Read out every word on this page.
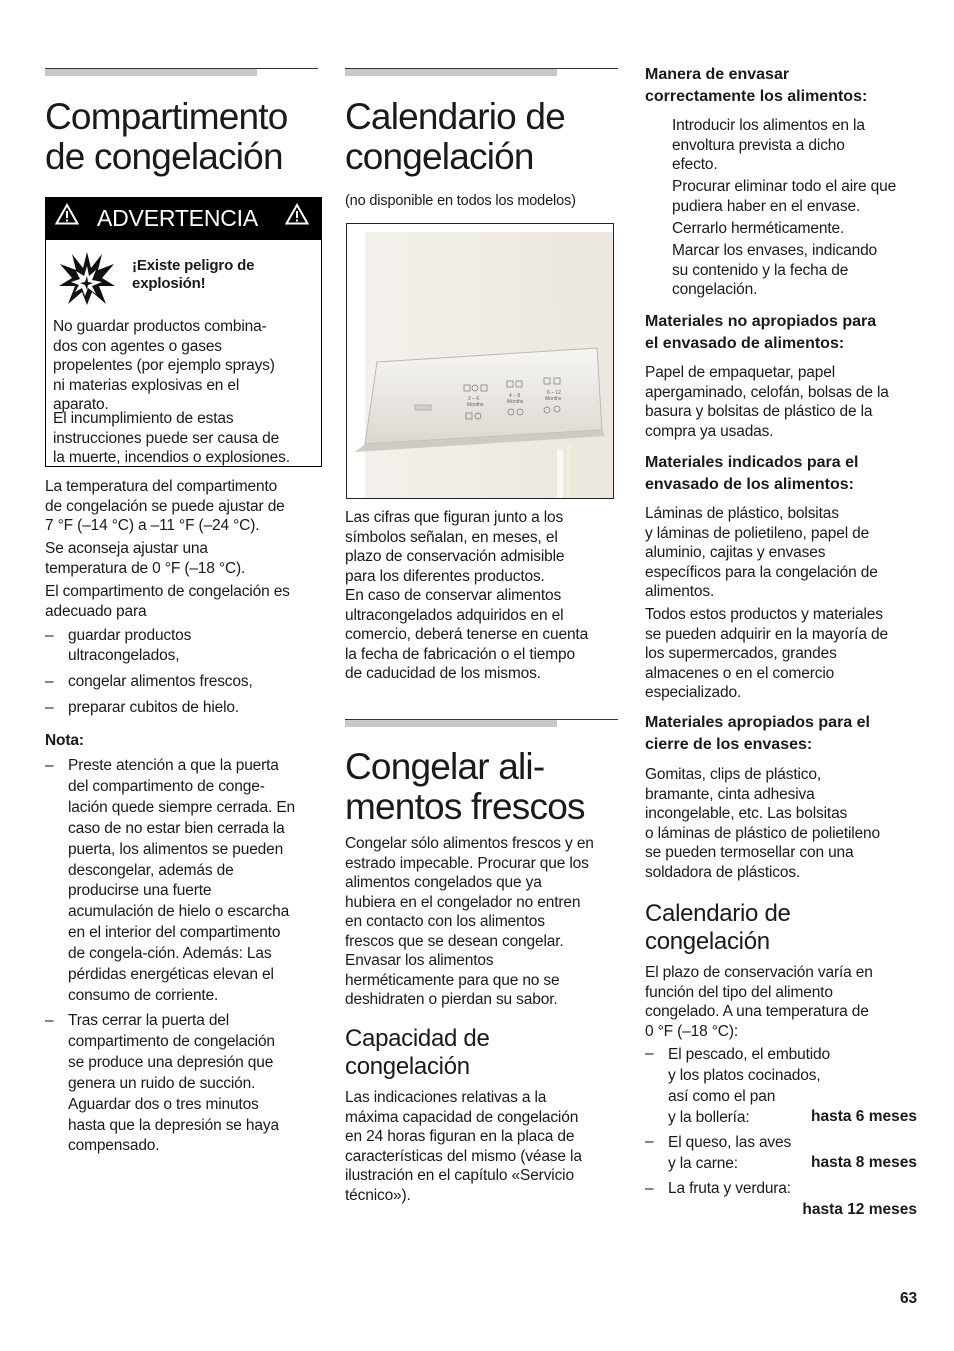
Compartimento
de congelación
ADVERTENCIA
¡Existe peligro de
explosión!
No guardar productos combina-
dos con agentes o gases
propelentes (por ejemplo sprays)
ni materias explosivas en el
aparato.
El incumplimiento de estas
instrucciones puede ser causa de
la muerte, incendios o explosiones.
La temperatura del compartimento
de congelación se puede ajustar de
7 °F (–14 °C) a –11 °F (–24 °C).
Se aconseja ajustar una
temperatura de 0 °F (–18 °C).
El compartimento de congelación es
adecuado para
– guardar productos
ultracongelados,
– congelar alimentos frescos,
– preparar cubitos de hielo.
Nota:
– Preste atención a que la puerta
del compartimento de conge-
lación quede siempre cerrada. En
caso de no estar bien cerrada la
puerta, los alimentos se pueden
descongelar, además de
producirse una fuerte
acumulación de hielo o escarcha
en el interior del compartimento
de congela-ción. Además: Las
pérdidas energéticas elevan el
consumo de corriente.
– Tras cerrar la puerta del
compartimento de congelación
se produce una depresión que
genera un ruido de succión.
Aguardar dos o tres minutos
hasta que la depresión se haya
compensado.
Calendario de
congelación
(no disponible en todos los modelos)
2 – 6
Months
4 – 8
Months
6 – 12
Months
Las cifras que figuran junto a los
símbolos señalan, en meses, el
plazo de conservación admisible
para los diferentes productos.
En caso de conservar alimentos
ultracongelados adquiridos en el
comercio, deberá tenerse en cuenta
la fecha de fabricación o el tiempo
de caducidad de los mismos.
Congelar ali-
mentos frescos
Congelar sólo alimentos frescos y en
estrado impecable. Procurar que los
alimentos congelados que ya
hubiera en el congelador no entren
en contacto con los alimentos
frescos que se desean congelar.
Envasar los alimentos
herméticamente para que no se
deshidraten o pierdan su sabor.
Capacidad de
congelación
Las indicaciones relativas a la
máxima capacidad de congelación
en 24 horas figuran en la placa de
características del mismo (véase la
ilustración en el capítulo «Servicio
técnico»).
Manera de envasar
correctamente los alimentos:
Introducir los alimentos en la
envoltura prevista a dicho
efecto.
Procurar eliminar todo el aire que
pudiera haber en el envase.
Cerrarlo herméticamente.
Marcar los envases, indicando
su contenido y la fecha de
congelación.
Materiales no apropiados para
el envasado de alimentos:
Papel de empaquetar, papel
apergaminado, celofán, bolsas de la
basura y bolsitas de plástico de la
compra ya usadas.
Materiales indicados para el
envasado de los alimentos:
Láminas de plástico, bolsitas
y láminas de polietileno, papel de
aluminio, cajitas y envases
específicos para la congelación de
alimentos.
Todos estos productos y materiales
se pueden adquirir en la mayoría de
los supermercados, grandes
almacenes o en el comercio
especializado.
Materiales apropiados para el
cierre de los envases:
Gomitas, clips de plástico,
bramante, cinta adhesiva
incongelable, etc. Las bolsitas
o láminas de plástico de polietileno
se pueden termosellar con una
soldadora de plásticos.
Calendario de
congelación
El plazo de conservación varía en
función del tipo del alimento
congelado. A una temperatura de
0 °F (–18 °C):
– El pescado, el embutido
y los platos cocinados,
así como el pan
y la bollería:	hasta 6 meses
– El queso, las aves
y la carne:	hasta 8 meses
– La fruta y verdura:
hasta 12 meses
63
